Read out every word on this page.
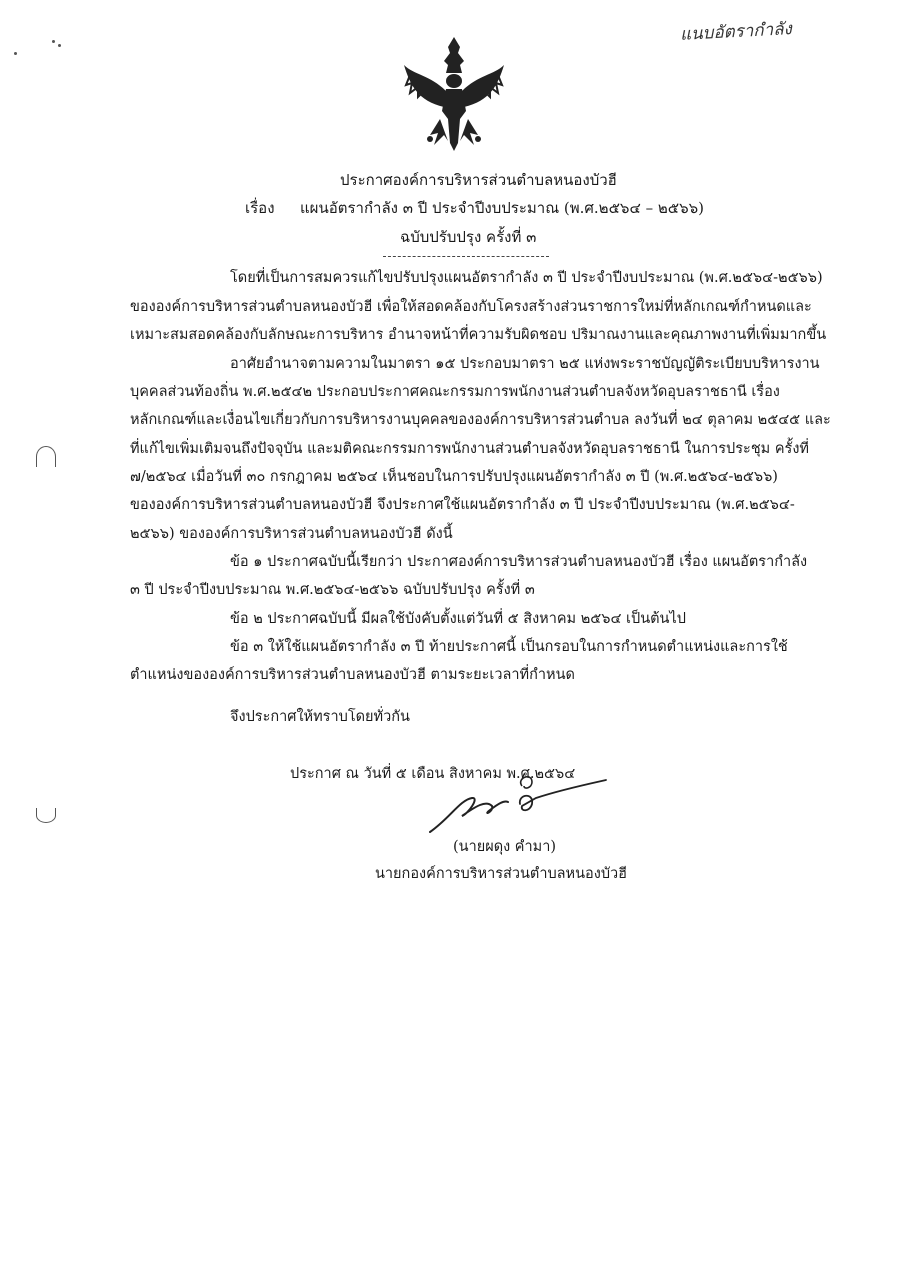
แนบอัตรากำลัง
ประกาศองค์การบริหารส่วนตำบลหนองบัวฮี
เรื่อง แผนอัตรากำลัง ๓ ปี ประจำปีงบประมาณ (พ.ศ.๒๕๖๔ – ๒๕๖๖)
ฉบับปรับปรุง ครั้งที่ ๓
โดยที่เป็นการสมควรแก้ไขปรับปรุงแผนอัตรากำลัง ๓ ปี ประจำปีงบประมาณ (พ.ศ.๒๕๖๔-๒๕๖๖)
ขององค์การบริหารส่วนตำบลหนองบัวฮี เพื่อให้สอดคล้องกับโครงสร้างส่วนราชการใหม่ที่หลักเกณฑ์กำหนดและ
เหมาะสมสอดคล้องกับลักษณะการบริหาร อำนาจหน้าที่ความรับผิดชอบ ปริมาณงานและคุณภาพงานที่เพิ่มมากขึ้น
อาศัยอำนาจตามความในมาตรา ๑๕ ประกอบมาตรา ๒๕ แห่งพระราชบัญญัติระเบียบบริหารงาน
บุคคลส่วนท้องถิ่น พ.ศ.๒๕๔๒ ประกอบประกาศคณะกรรมการพนักงานส่วนตำบลจังหวัดอุบลราชธานี เรื่อง
หลักเกณฑ์และเงื่อนไขเกี่ยวกับการบริหารงานบุคคลขององค์การบริหารส่วนตำบล ลงวันที่ ๒๔ ตุลาคม ๒๕๔๕ และ
ที่แก้ไขเพิ่มเติมจนถึงปัจจุบัน และมติคณะกรรมการพนักงานส่วนตำบลจังหวัดอุบลราชธานี ในการประชุม ครั้งที่
๗/๒๕๖๔ เมื่อวันที่ ๓๐ กรกฎาคม ๒๕๖๔ เห็นชอบในการปรับปรุงแผนอัตรากำลัง ๓ ปี (พ.ศ.๒๕๖๔-๒๕๖๖)
ขององค์การบริหารส่วนตำบลหนองบัวฮี จึงประกาศใช้แผนอัตรากำลัง ๓ ปี ประจำปีงบประมาณ (พ.ศ.๒๕๖๔-
๒๕๖๖) ขององค์การบริหารส่วนตำบลหนองบัวฮี ดังนี้
ข้อ ๑ ประกาศฉบับนี้เรียกว่า ประกาศองค์การบริหารส่วนตำบลหนองบัวฮี เรื่อง แผนอัตรากำลัง
๓ ปี ประจำปีงบประมาณ พ.ศ.๒๕๖๔-๒๕๖๖ ฉบับปรับปรุง ครั้งที่ ๓
ข้อ ๒ ประกาศฉบับนี้ มีผลใช้บังคับตั้งแต่วันที่ ๕ สิงหาคม ๒๕๖๔ เป็นต้นไป
ข้อ ๓ ให้ใช้แผนอัตรากำลัง ๓ ปี ท้ายประกาศนี้ เป็นกรอบในการกำหนดตำแหน่งและการใช้
ตำแหน่งขององค์การบริหารส่วนตำบลหนองบัวฮี ตามระยะเวลาที่กำหนด
จึงประกาศให้ทราบโดยทั่วกัน
ประกาศ ณ วันที่ ๕ เดือน สิงหาคม พ.ศ.๒๕๖๔
(นายผดุง คำมา)
นายกองค์การบริหารส่วนตำบลหนองบัวฮี
